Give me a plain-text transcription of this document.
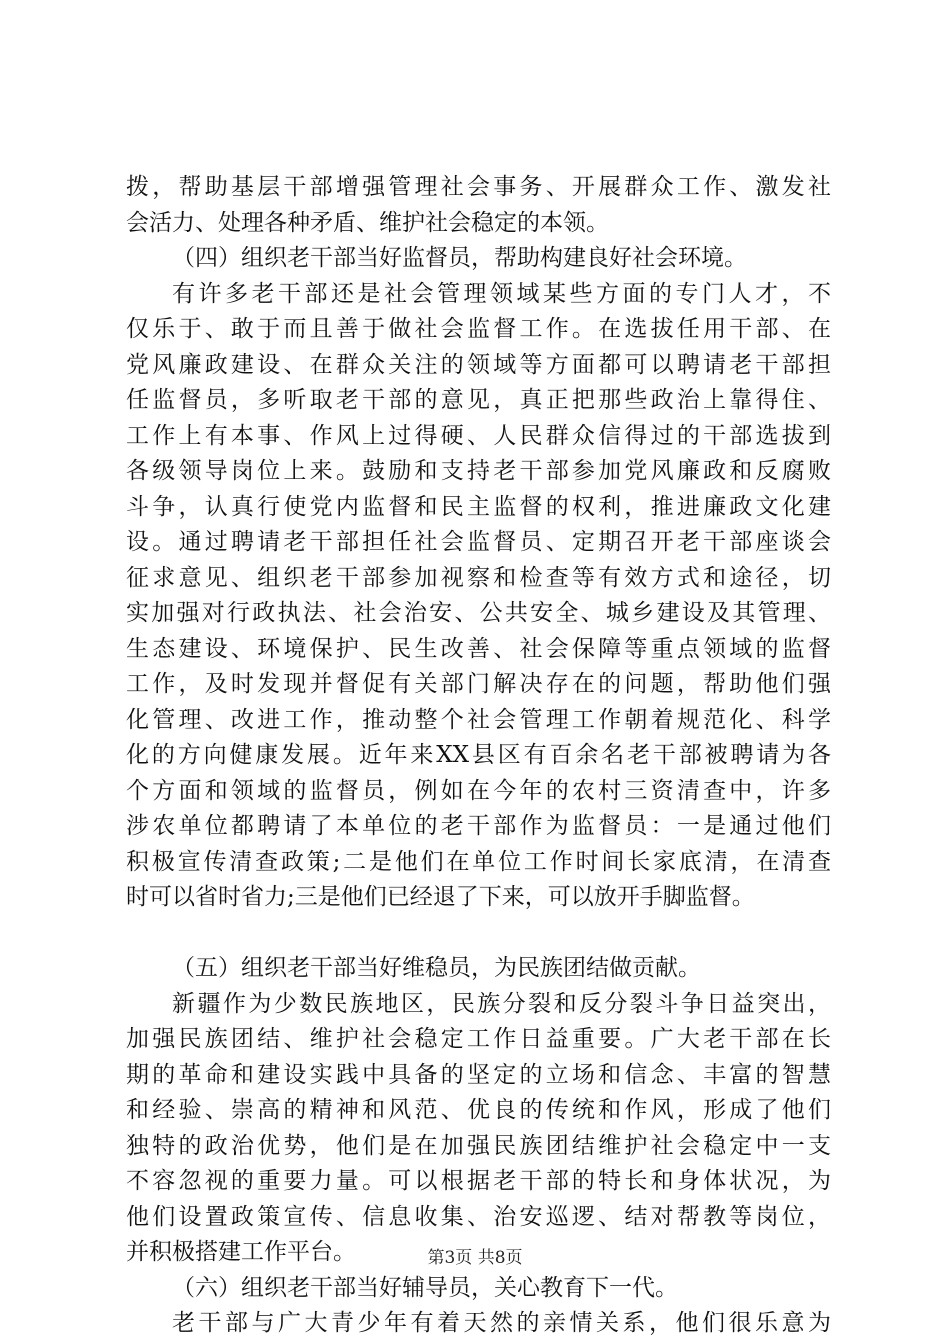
拨，帮助基层干部增强管理社会事务、开展群众工作、激发社
会活力、处理各种矛盾、维护社会稳定的本领。
（四）组织老干部当好监督员，帮助构建良好社会环境。
有许多老干部还是社会管理领域某些方面的专门人才，不
仅乐于、敢于而且善于做社会监督工作。在选拔任用干部、在
党风廉政建设、在群众关注的领域等方面都可以聘请老干部担
任监督员，多听取老干部的意见，真正把那些政治上靠得住、
工作上有本事、作风上过得硬、人民群众信得过的干部选拔到
各级领导岗位上来。鼓励和支持老干部参加党风廉政和反腐败
斗争，认真行使党内监督和民主监督的权利，推进廉政文化建
设。通过聘请老干部担任社会监督员、定期召开老干部座谈会
征求意见、组织老干部参加视察和检查等有效方式和途径，切
实加强对行政执法、社会治安、公共安全、城乡建设及其管理、
生态建设、环境保护、民生改善、社会保障等重点领域的监督
工作，及时发现并督促有关部门解决存在的问题，帮助他们强
化管理、改进工作，推动整个社会管理工作朝着规范化、科学
化的方向健康发展。近年来XX县区有百余名老干部被聘请为各
个方面和领域的监督员，例如在今年的农村三资清查中，许多
涉农单位都聘请了本单位的老干部作为监督员：一是通过他们
积极宣传清查政策;二是他们在单位工作时间长家底清，在清查
时可以省时省力;三是他们已经退了下来，可以放开手脚监督。
（五）组织老干部当好维稳员，为民族团结做贡献。
新疆作为少数民族地区，民族分裂和反分裂斗争日益突出，
加强民族团结、维护社会稳定工作日益重要。广大老干部在长
期的革命和建设实践中具备的坚定的立场和信念、丰富的智慧
和经验、崇高的精神和风范、优良的传统和作风，形成了他们
独特的政治优势，他们是在加强民族团结维护社会稳定中一支
不容忽视的重要力量。可以根据老干部的特长和身体状况，为
他们设置政策宣传、信息收集、治安巡逻、结对帮教等岗位，
并积极搭建工作平台。
（六）组织老干部当好辅导员，关心教育下一代。
老干部与广大青少年有着天然的亲情关系，他们很乐意为
第3页 共8页
